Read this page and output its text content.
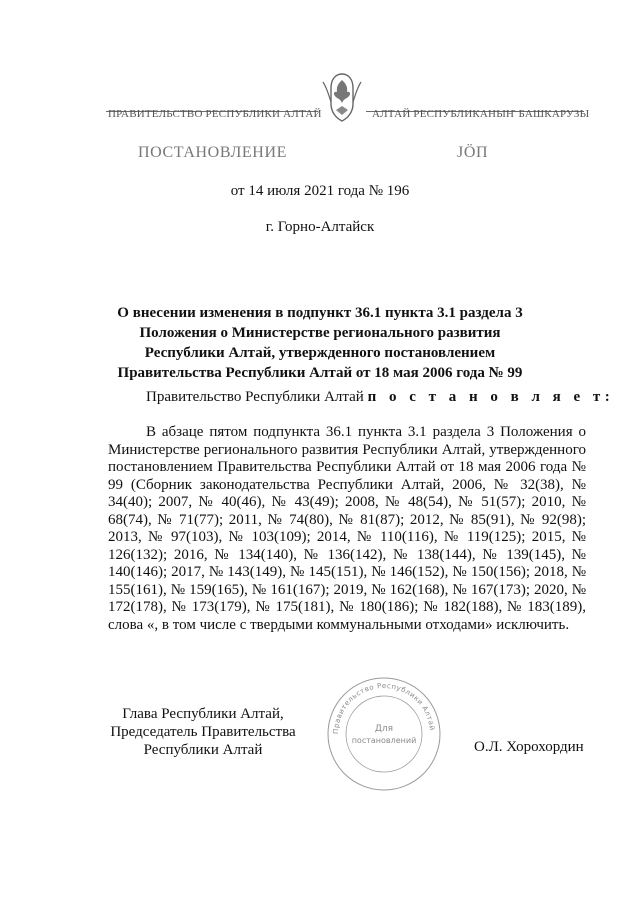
ПРАВИТЕЛЬСТВО РЕСПУБЛИКИ АЛТАЙ	АЛТАЙ РЕСПУБЛИКАНЫҤ БАШКАРУЗЫ
ПОСТАНОВЛЕНИЕ	ЈӦП
от 14 июля 2021 года № 196
г. Горно-Алтайск
О внесении изменения в подпункт 36.1 пункта 3.1 раздела 3 Положения о Министерстве регионального развития Республики Алтай, утвержденного постановлением Правительства Республики Алтай от 18 мая 2006 года № 99
Правительство Республики Алтай п о с т а н о в л я е т:
В абзаце пятом подпункта 36.1 пункта 3.1 раздела 3 Положения о Министерстве регионального развития Республики Алтай, утвержденного постановлением Правительства Республики Алтай от 18 мая 2006 года № 99 (Сборник законодательства Республики Алтай, 2006, № 32(38), № 34(40); 2007, № 40(46), № 43(49); 2008, № 48(54), № 51(57); 2010, № 68(74), № 71(77); 2011, № 74(80), № 81(87); 2012, № 85(91), № 92(98); 2013, № 97(103), № 103(109); 2014, № 110(116), № 119(125); 2015, № 126(132); 2016, № 134(140), № 136(142), № 138(144), № 139(145), № 140(146); 2017, № 143(149), № 145(151), № 146(152), № 150(156); 2018, № 155(161), № 159(165), № 161(167); 2019, № 162(168), № 167(173); 2020, № 172(178), № 173(179), № 175(181), № 180(186); № 182(188), № 183(189), слова «, в том числе с твердыми коммунальными отходами» исключить.
Глава Республики Алтай,
Председатель Правительства
Республики Алтай
Правительство Республики Алтай
Для
постановлений	О.Л. Хорохордин
